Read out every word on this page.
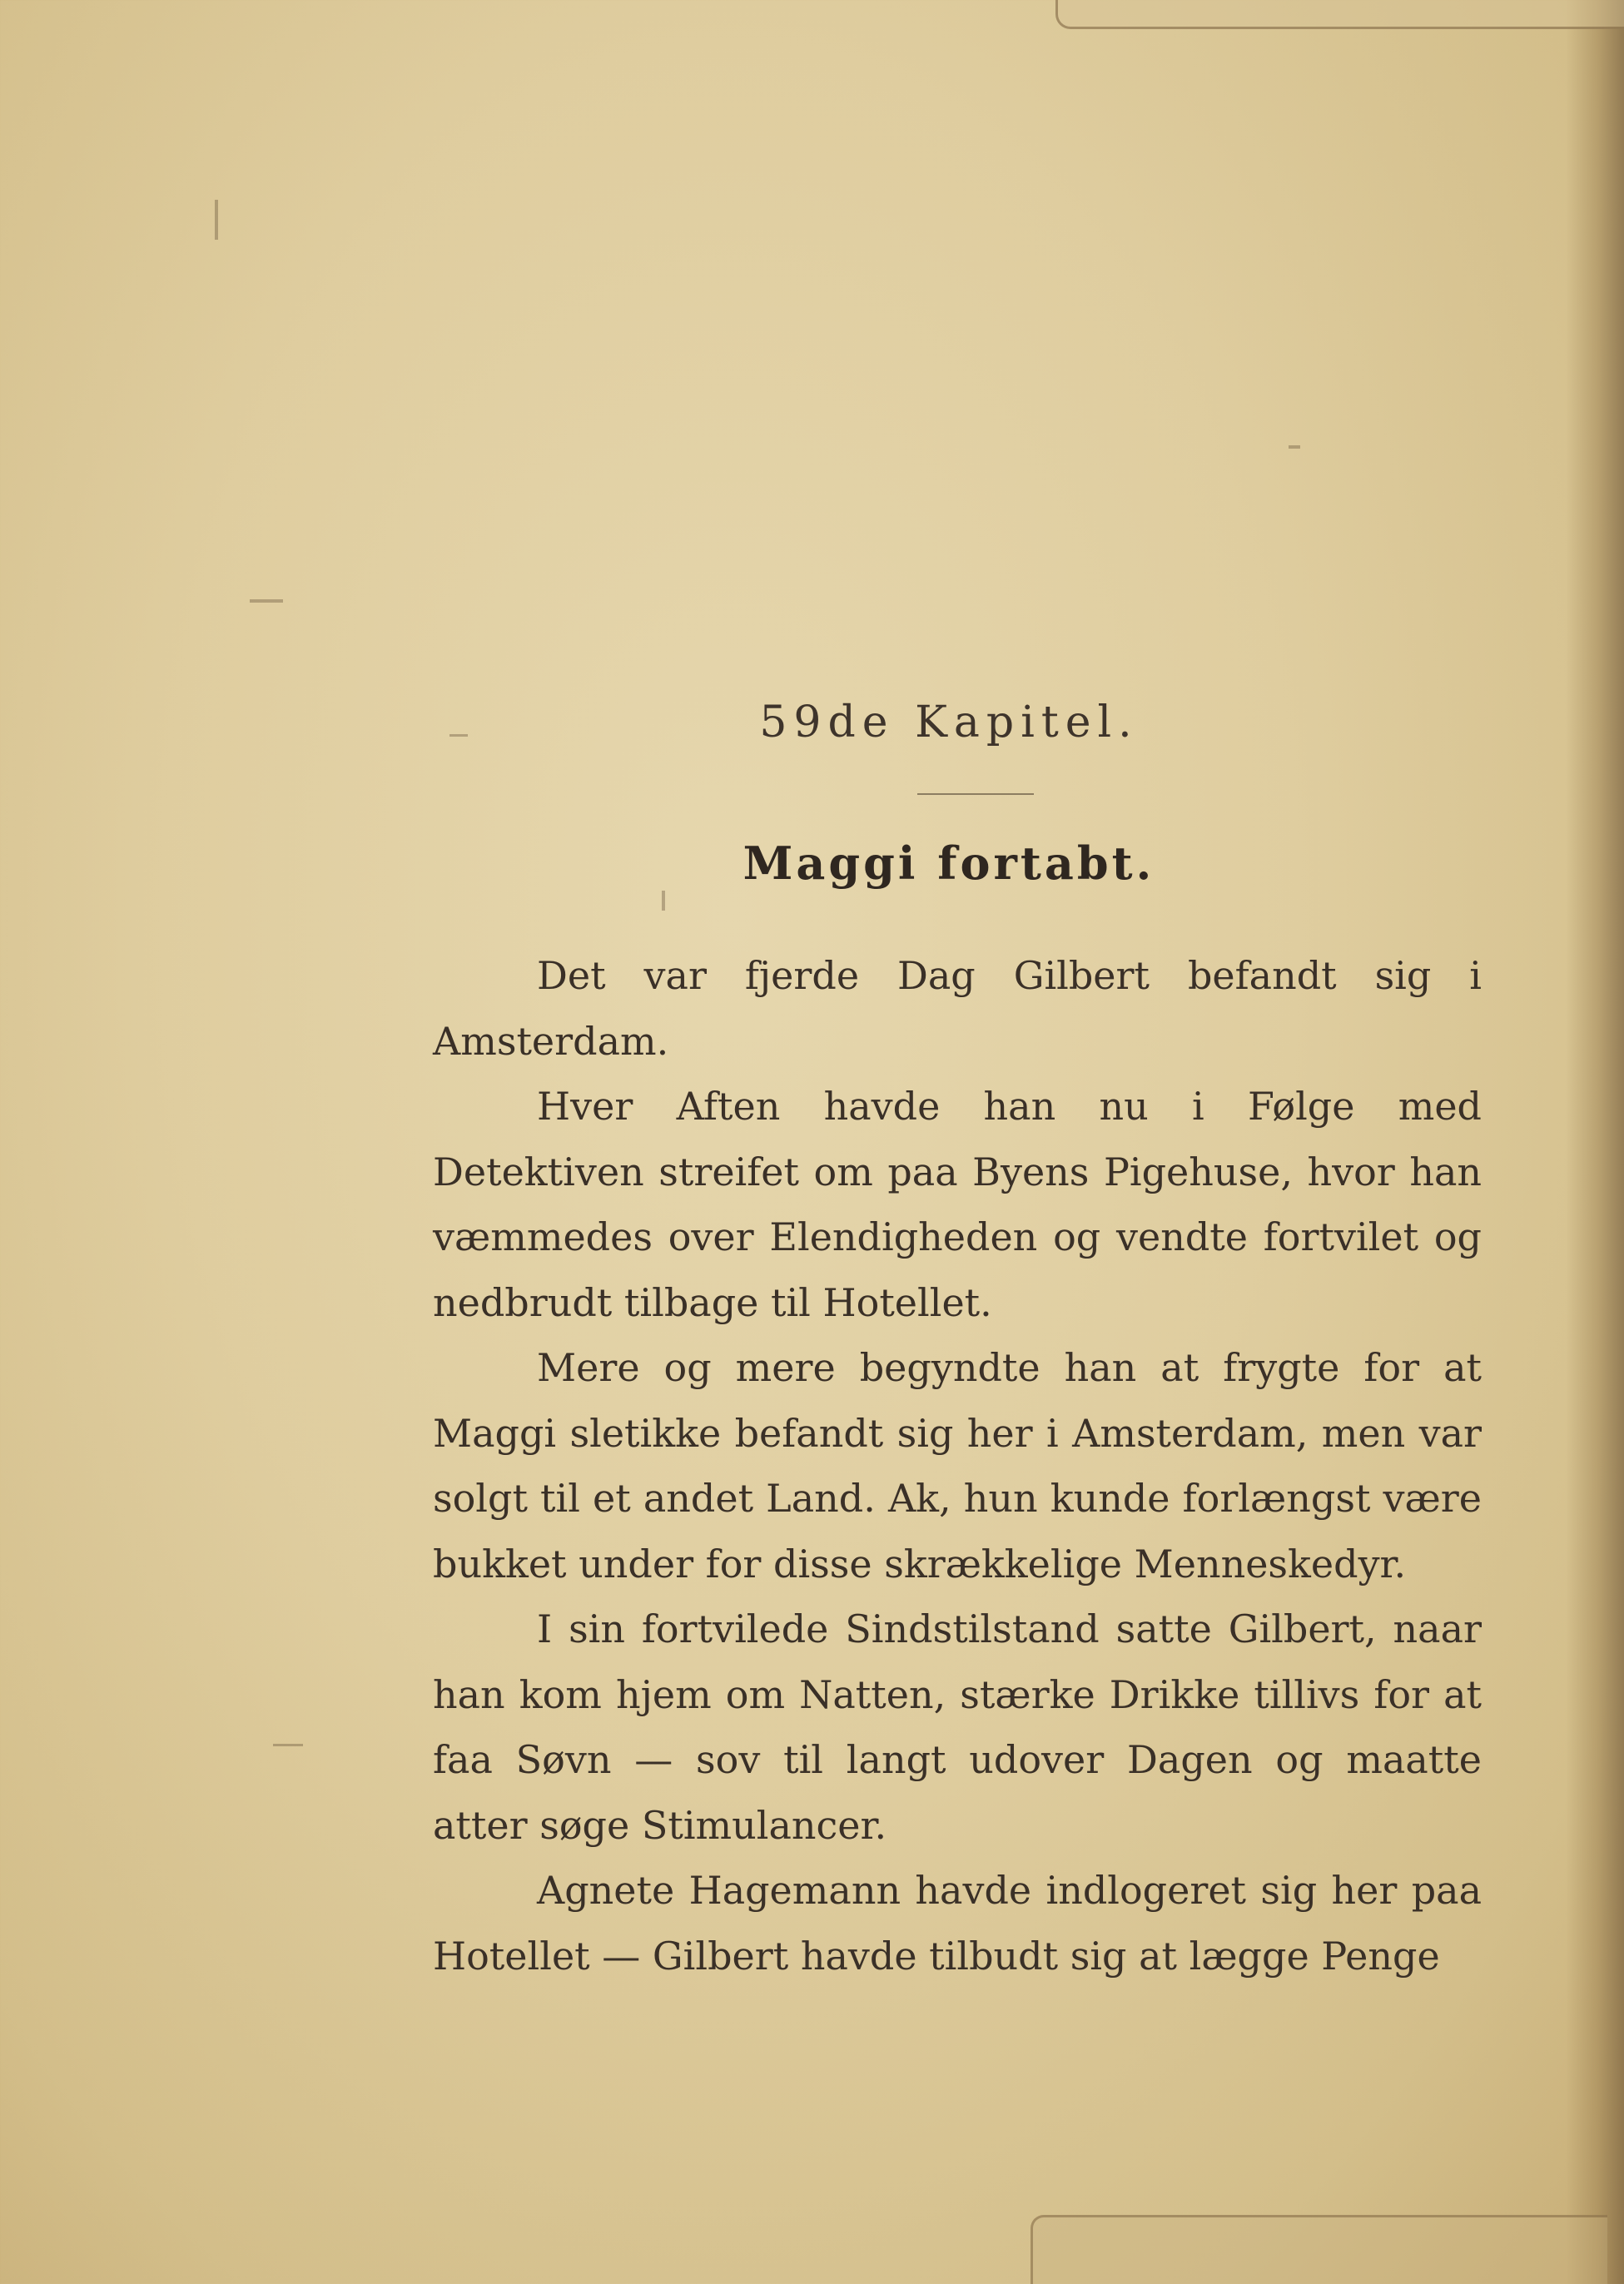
59de Kapitel.
Maggi fortabt.

Det var fjerde Dag Gilbert befandt sig i Amsterdam.

Hver Aften havde han nu i Følge med Detektiven streifet om paa Byens Pigehuse, hvor han væmmedes over Elendigheden og vendte fortvilet og nedbrudt tilbage til Hotellet.

Mere og mere begyndte han at frygte for at Maggi sletikke befandt sig her i Amsterdam, men var solgt til et andet Land. Ak, hun kunde forlængst være bukket under for disse skrækkelige Menneskedyr.

I sin fortvilede Sindstilstand satte Gilbert, naar han kom hjem om Natten, stærke Drikke tillivs for at faa Søvn — sov til langt udover Dagen og maatte atter søge Stimulancer.

Agnete Hagemann havde indlogeret sig her paa Hotellet — Gilbert havde tilbudt sig at lægge Penge
